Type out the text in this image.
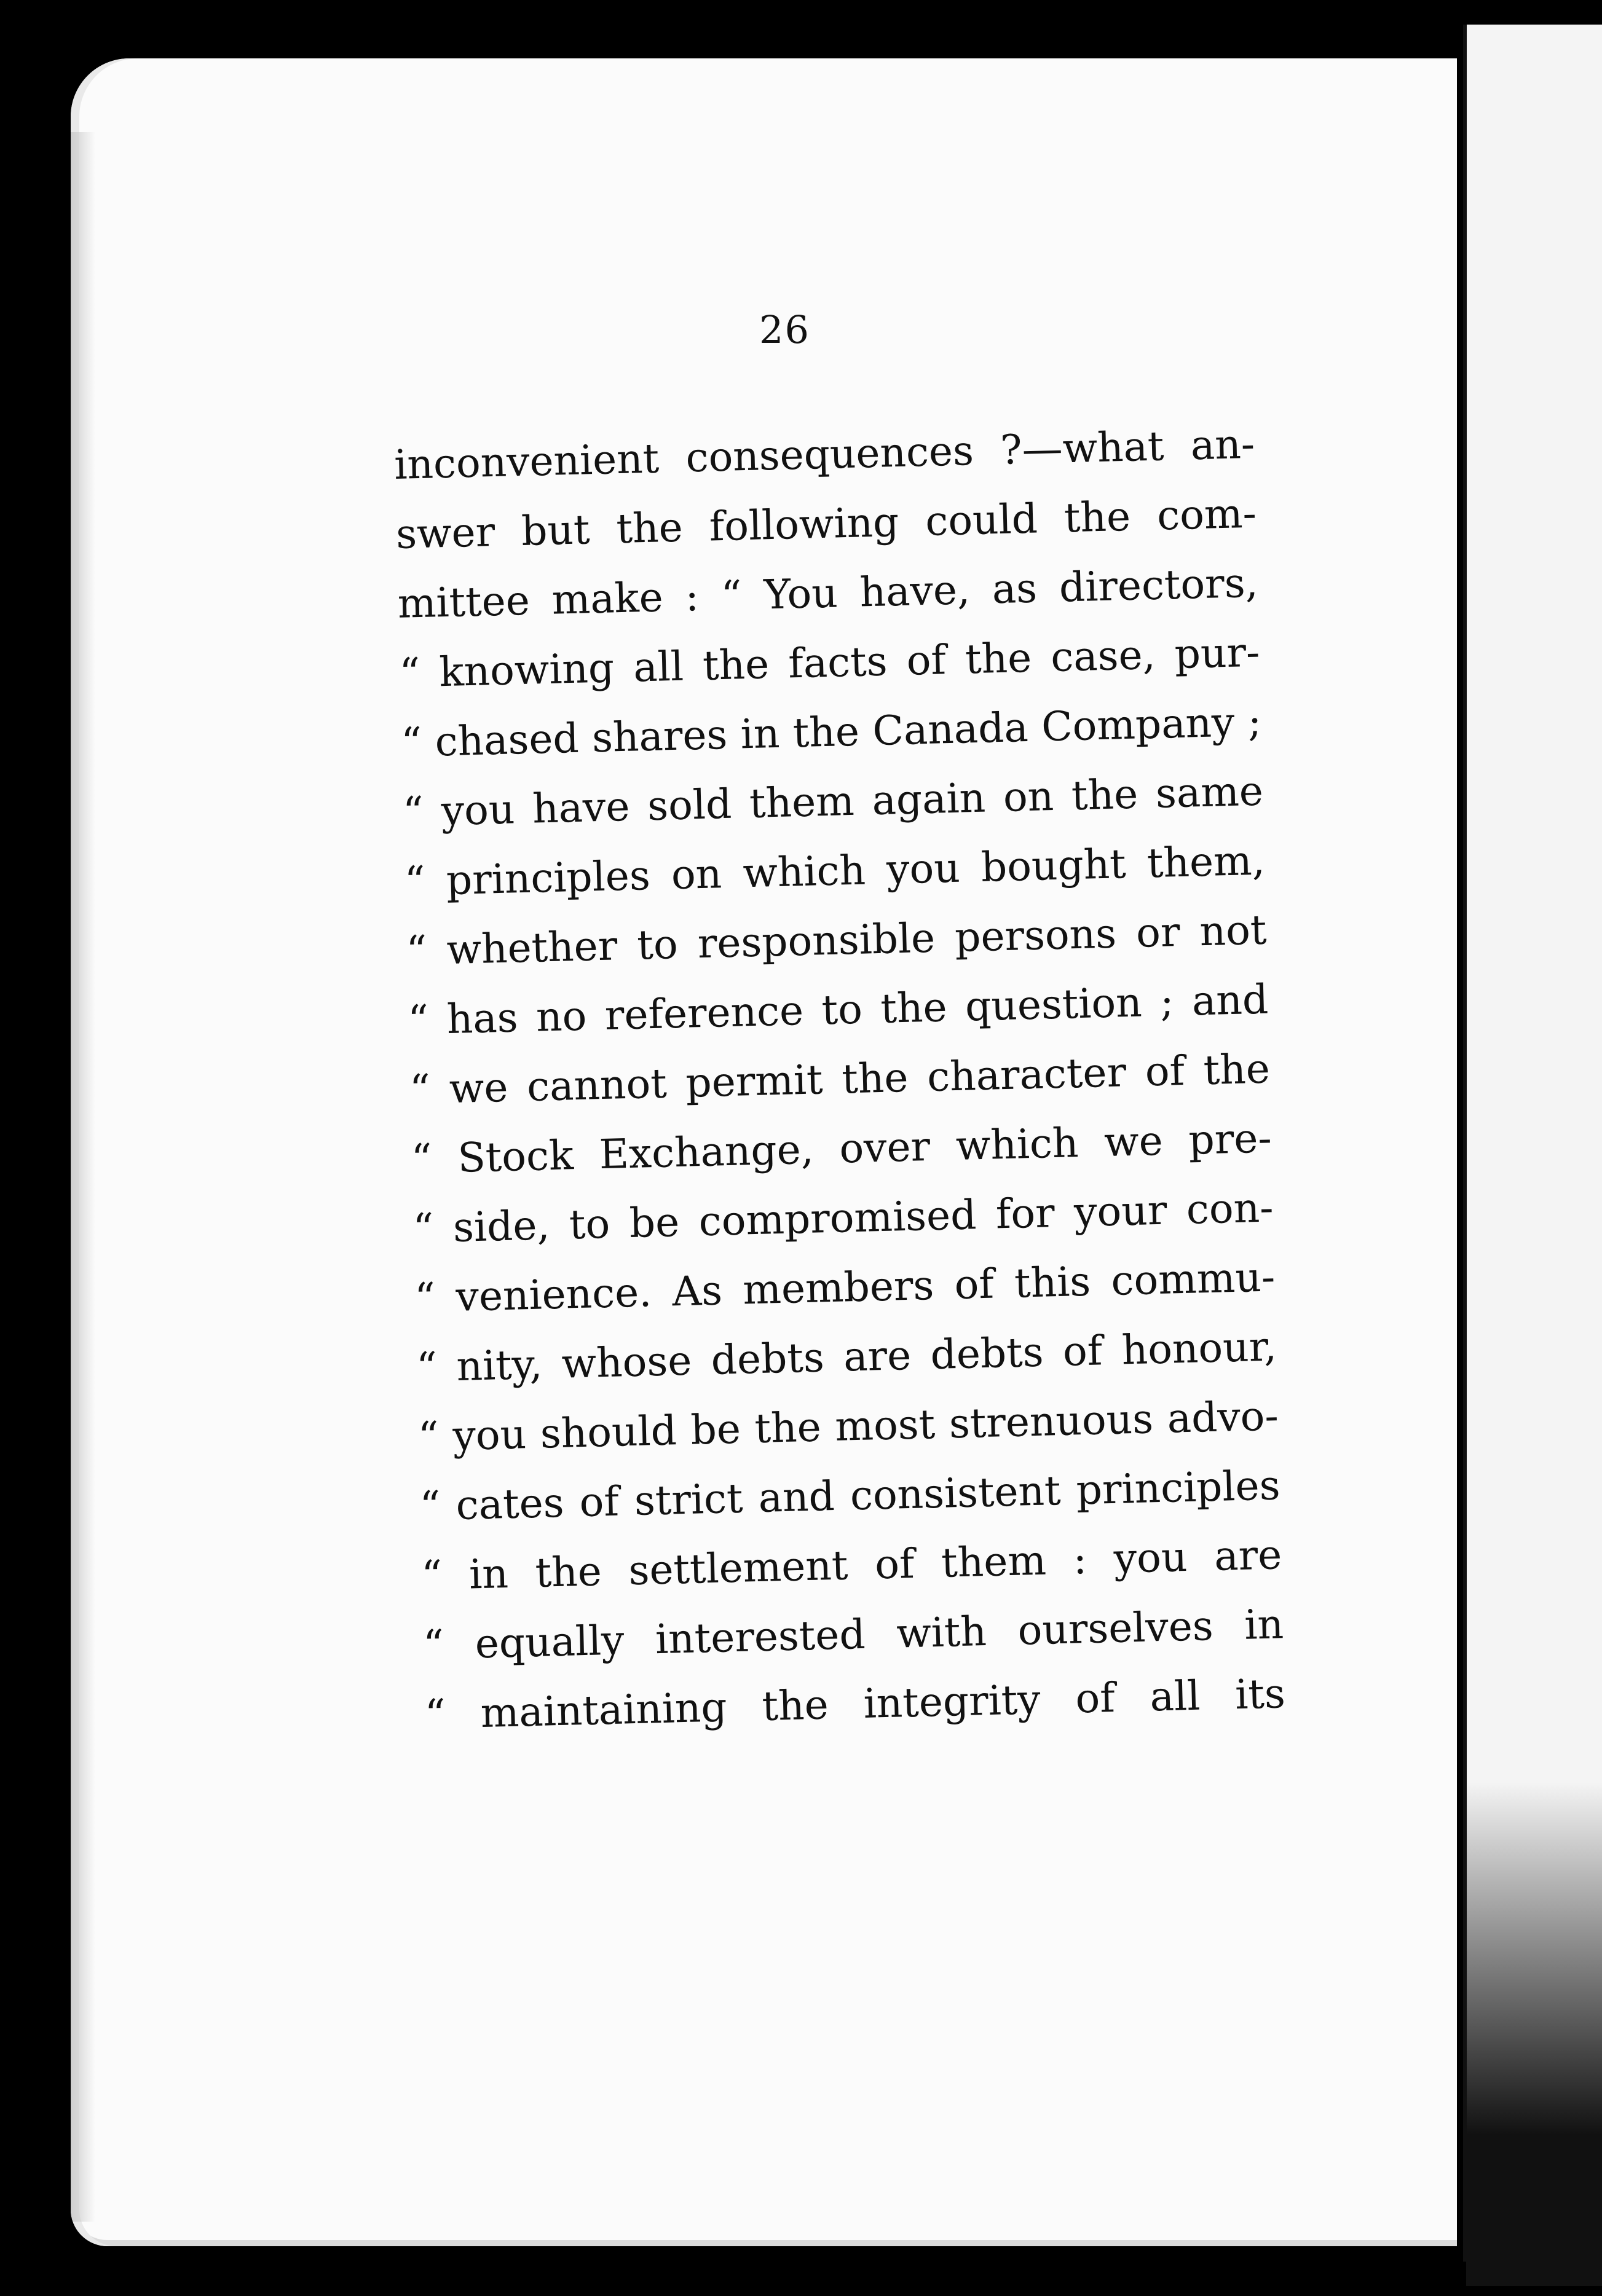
26
inconvenient consequences ?—what an-
swer but the following could the com-
mittee make : “ You have, as directors,
“ knowing all the facts of the case, pur-
“ chased shares in the Canada Company ;
“ you have sold them again on the same
“ principles on which you bought them,
“ whether to responsible persons or not
“ has no reference to the question ; and
“ we cannot permit the character of the
“ Stock Exchange, over which we pre-
“ side, to be compromised for your con-
“ venience. As members of this commu-
“ nity, whose debts are debts of honour,
“ you should be the most strenuous advo-
“ cates of strict and consistent principles
“ in the settlement of them : you are
“ equally interested with ourselves in
“ maintaining the integrity of all its
